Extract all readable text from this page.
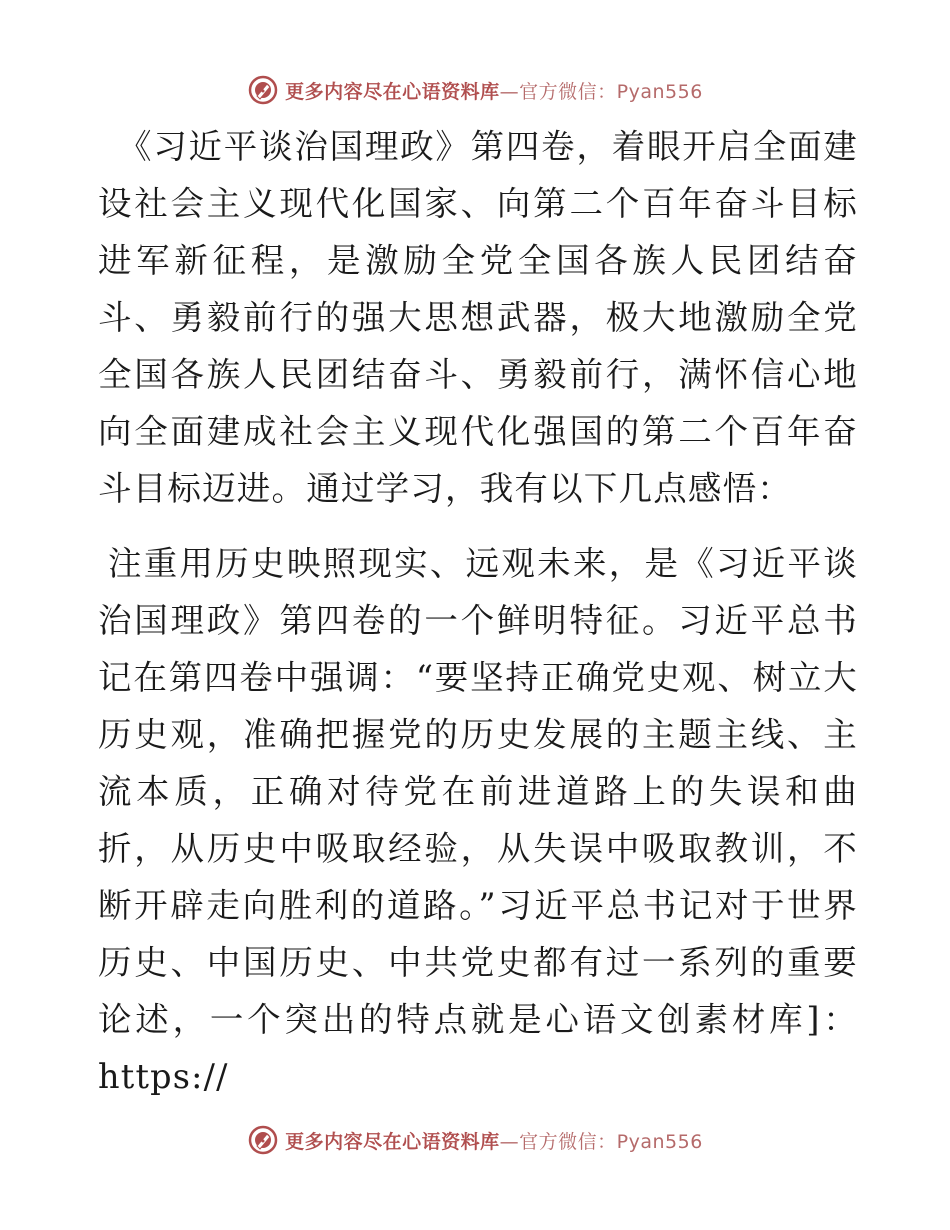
更多内容尽在心语资料库—官方微信：Pyan556

《习近平谈治国理政》第四卷，着眼开启全面建设社会主义现代化国家、向第二个百年奋斗目标进军新征程，是激励全党全国各族人民团结奋斗、勇毅前行的强大思想武器，极大地激励全党全国各族人民团结奋斗、勇毅前行，满怀信心地向全面建成社会主义现代化强国的第二个百年奋斗目标迈进。通过学习，我有以下几点感悟：

注重用历史映照现实、远观未来，是《习近平谈治国理政》第四卷的一个鲜明特征。习近平总书记在第四卷中强调：“要坚持正确党史观、树立大历史观，准确把握党的历史发展的主题主线、主流本质，正确对待党在前进道路上的失误和曲折，从历史中吸取经验，从失误中吸取教训，不断开辟走向胜利的道路。”习近平总书记对于世界历史、中国历史、中共党史都有过一系列的重要论述，一个突出的特点就是心语文创素材库]：https://

更多内容尽在心语资料库—官方微信：Pyan556
